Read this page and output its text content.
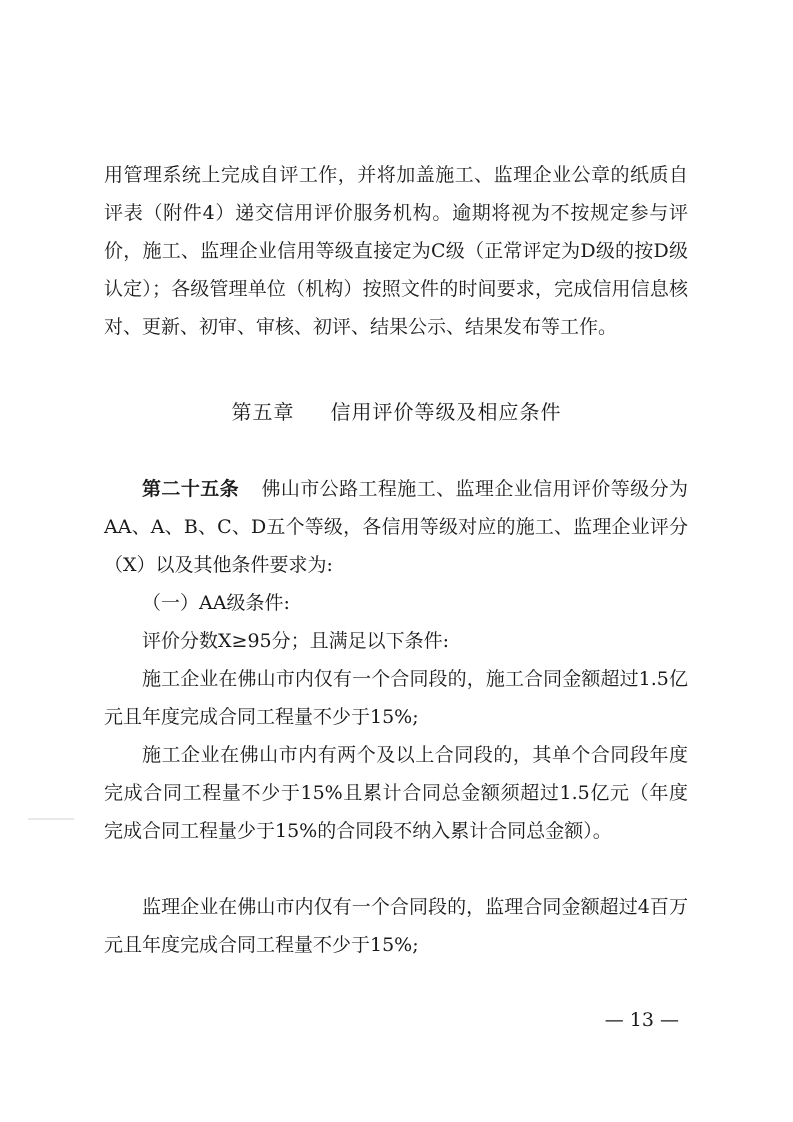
用管理系统上完成自评工作，并将加盖施工、监理企业公章的纸质自评表（附件4）递交信用评价服务机构。逾期将视为不按规定参与评价，施工、监理企业信用等级直接定为C级（正常评定为D级的按D级认定）；各级管理单位（机构）按照文件的时间要求，完成信用信息核对、更新、初审、审核、初评、结果公示、结果发布等工作。

第五章 信用评价等级及相应条件

第二十五条 佛山市公路工程施工、监理企业信用评价等级分为AA、A、B、C、D五个等级，各信用等级对应的施工、监理企业评分（X）以及其他条件要求为:

（一）AA级条件:

评价分数X≥95分；且满足以下条件:

施工企业在佛山市内仅有一个合同段的，施工合同金额超过1.5亿元且年度完成合同工程量不少于15%;

施工企业在佛山市内有两个及以上合同段的，其单个合同段年度完成合同工程量不少于15%且累计合同总金额须超过1.5亿元（年度完成合同工程量少于15%的合同段不纳入累计合同总金额）。

监理企业在佛山市内仅有一个合同段的，监理合同金额超过4百万元且年度完成合同工程量不少于15%;

— 13 —
